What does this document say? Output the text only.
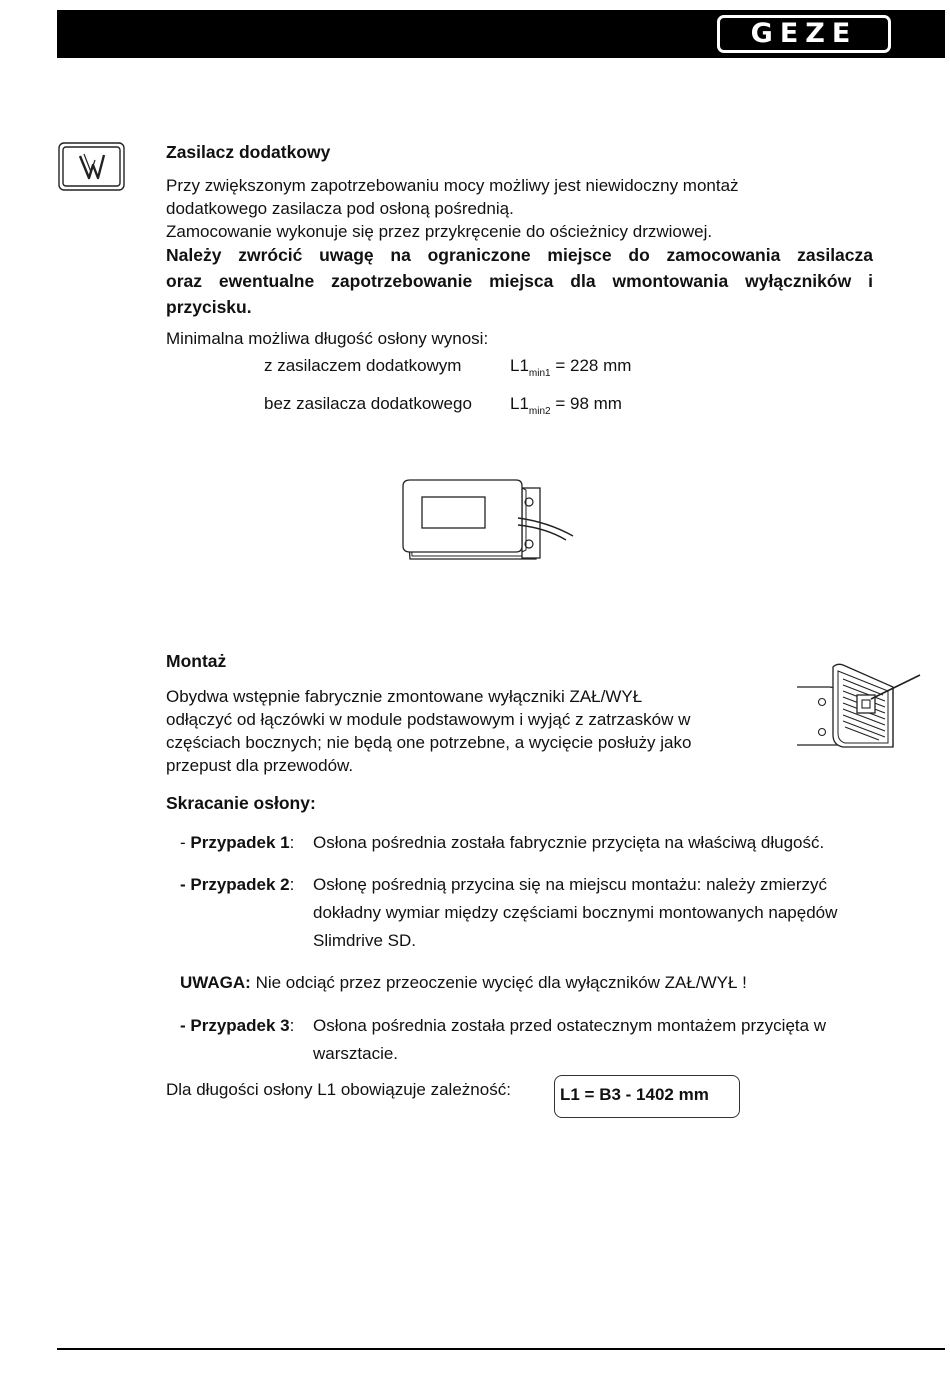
GEZE
Zasilacz dodatkowy
Przy zwiększonym zapotrzebowaniu mocy możliwy jest niewidoczny montaż
dodatkowego zasilacza pod osłoną pośrednią.
Zamocowanie wykonuje się przez przykręcenie do ościeżnicy drzwiowej.
Należy zwrócić uwagę na ograniczone miejsce do zamocowania zasilacza
oraz ewentualne zapotrzebowanie miejsca dla wmontowania wyłączników i
przycisku.
Minimalna możliwa długość osłony wynosi:
z zasilaczem dodatkowym	$L1_{min1} = 228$ mm
bez zasilacza dodatkowego $L1_{min2} = 98$ mm
Montaż
Obydwa wstępnie fabrycznie zmontowane wyłączniki ZAŁ/WYŁ
odłączyć od łączówki w module podstawowym i wyjąć z zatrzasków w
częściach bocznych; nie będą one potrzebne, a wycięcie posłuży jako
przepust dla przewodów.
Skracanie osłony:
- Przypadek 1: Osłona pośrednia została fabrycznie przycięta na właściwą długość.
- Przypadek 2: Osłonę pośrednią przycina się na miejscu montażu: należy zmierzyć
dokładny wymiar między częściami bocznymi montowanych napędów
Slimdrive SD.
UWAGA: Nie odciąć przez przeoczenie wycięć dla wyłączników ZAŁ/WYŁ !
- Przypadek 3: Osłona pośrednia została przed ostatecznym montażem przycięta w
warsztacie.
Dla długości osłony L1 obowiązuje zależność:	L1 = B3 - 1402 mm
